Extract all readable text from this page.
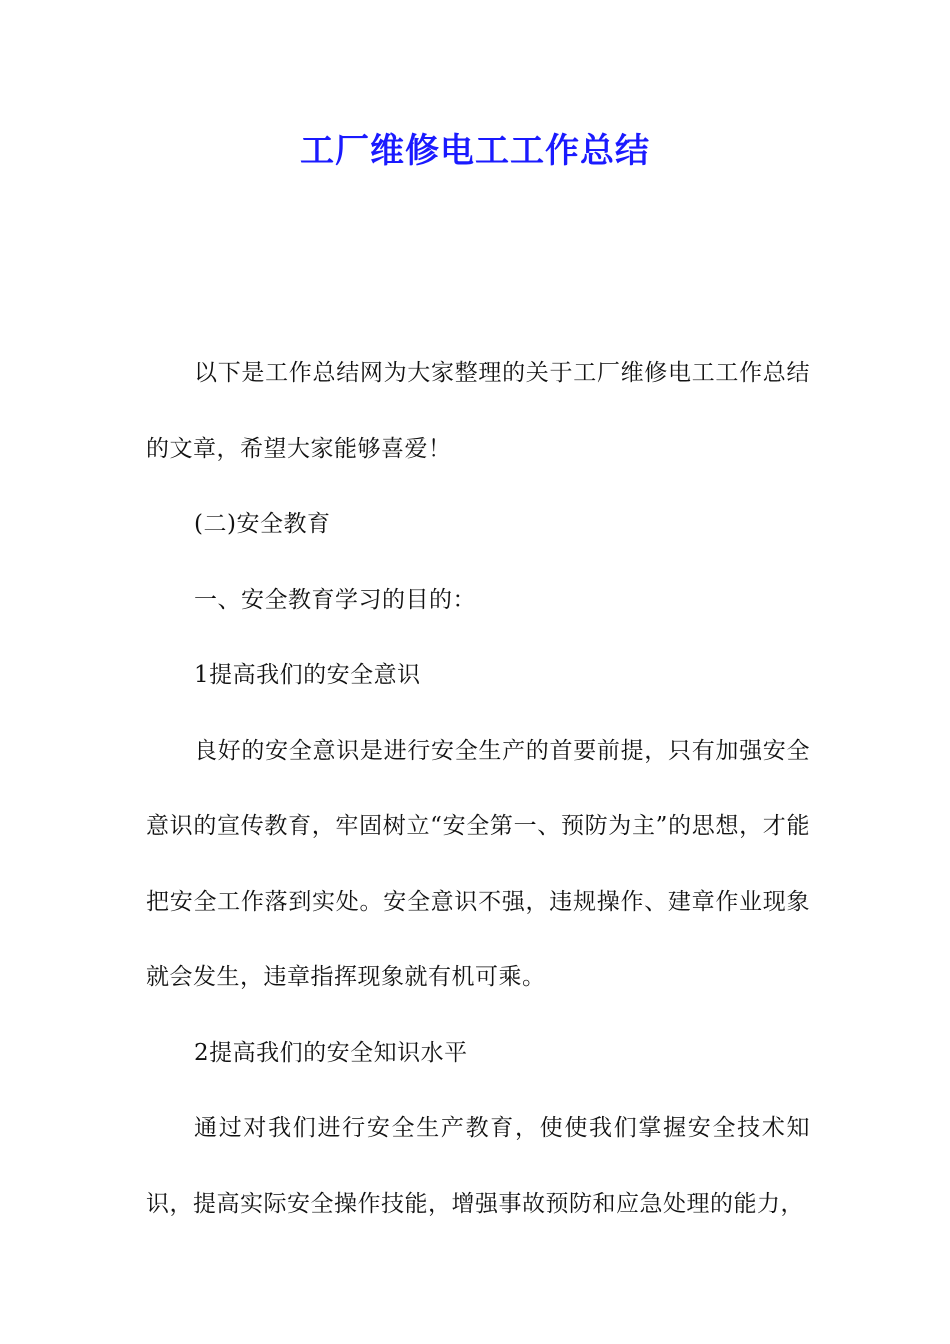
工厂维修电工工作总结

以下是工作总结网为大家整理的关于工厂维修电工工作总结的文章，希望大家能够喜爱！

(二)安全教育

一、安全教育学习的目的：

1提高我们的安全意识

良好的安全意识是进行安全生产的首要前提，只有加强安全意识的宣传教育，牢固树立“安全第一、预防为主”的思想，才能把安全工作落到实处。安全意识不强，违规操作、建章作业现象就会发生，违章指挥现象就有机可乘。

2提高我们的安全知识水平

通过对我们进行安全生产教育，使使我们掌握安全技术知识，提高实际安全操作技能，增强事故预防和应急处理的能力，
